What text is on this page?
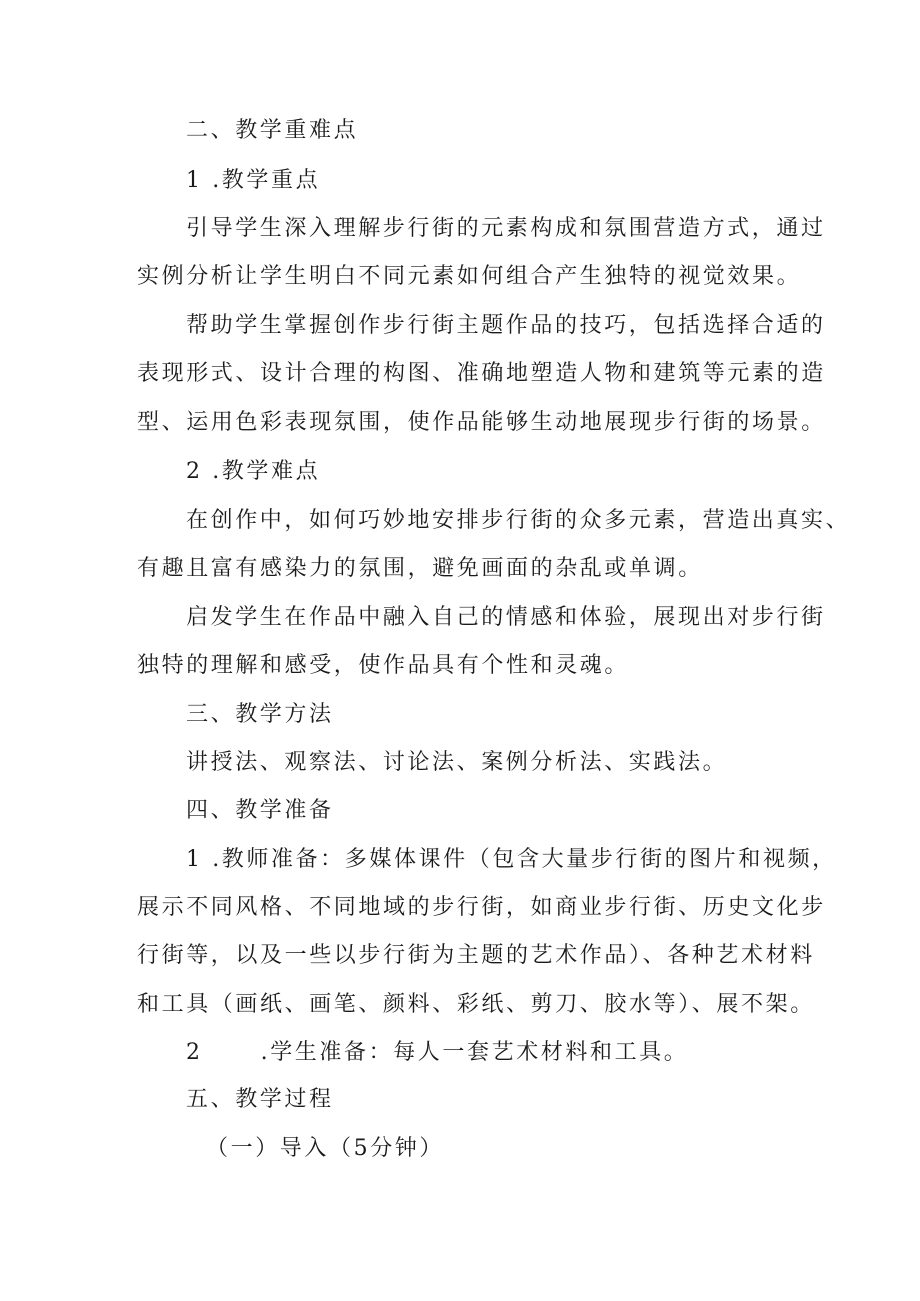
二、教学重难点
1 .教学重点
引导学生深入理解步行街的元素构成和氛围营造方式，通过
实例分析让学生明白不同元素如何组合产生独特的视觉效果。
帮助学生掌握创作步行街主题作品的技巧，包括选择合适的
表现形式、设计合理的构图、准确地塑造人物和建筑等元素的造
型、运用色彩表现氛围，使作品能够生动地展现步行街的场景。
2 .教学难点
在创作中，如何巧妙地安排步行街的众多元素，营造出真实、
有趣且富有感染力的氛围，避免画面的杂乱或单调。
启发学生在作品中融入自己的情感和体验，展现出对步行街
独特的理解和感受，使作品具有个性和灵魂。
三、教学方法
讲授法、观察法、讨论法、案例分析法、实践法。
四、教学准备
1 .教师准备：多媒体课件（包含大量步行街的图片和视频，
展示不同风格、不同地域的步行街，如商业步行街、历史文化步
行街等，以及一些以步行街为主题的艺术作品）、各种艺术材料
和工具（画纸、画笔、颜料、彩纸、剪刀、胶水等）、展不架。
2	.学生准备：每人一套艺术材料和工具。
五、教学过程
（一）导入（5分钟）
